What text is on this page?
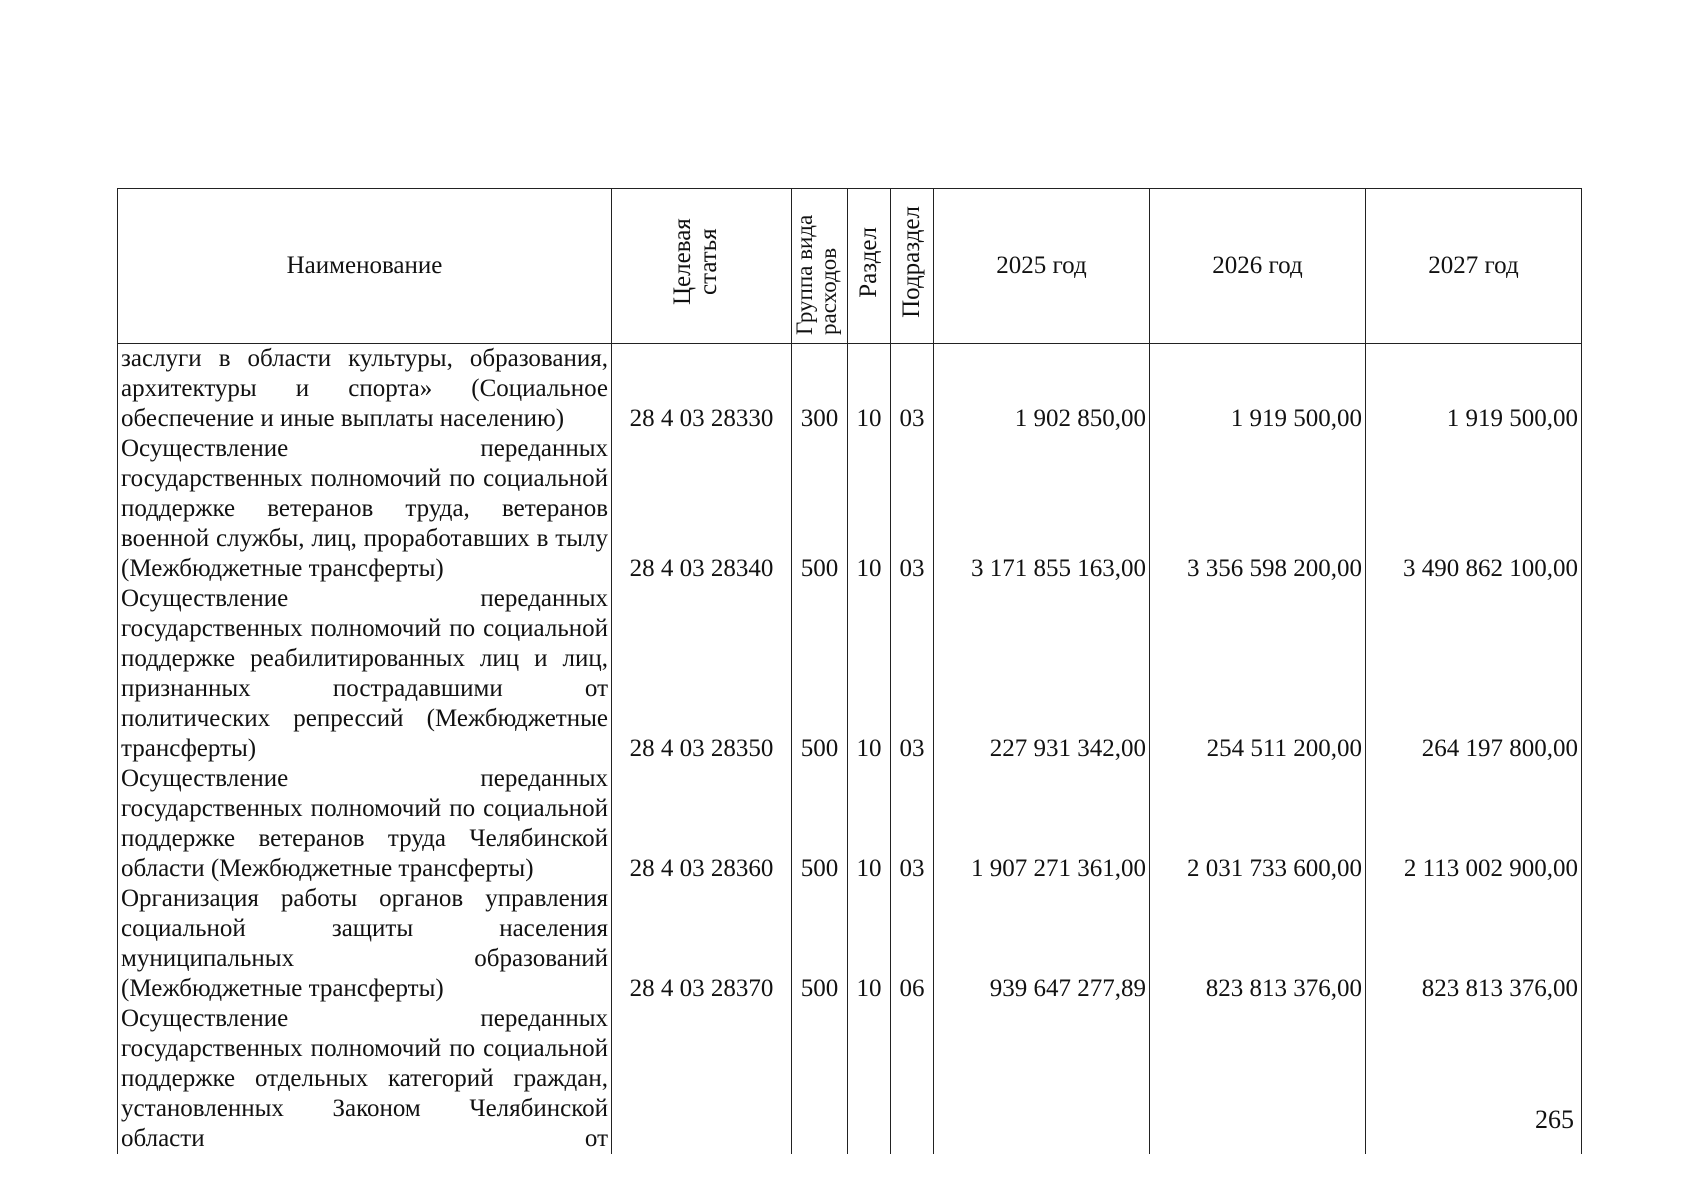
Наименование	Целевая статья	Группа вида расходов	Раздел	Подраздел	2025 год	2026 год	2027 год
заслуги в области культуры, образования, архитектуры и спорта» (Социальное обеспечение и иные выплаты населению)	28 4 03 28330	300	10	03	1 902 850,00	1 919 500,00	1 919 500,00
Осуществление переданных государственных полномочий по социальной поддержке ветеранов труда, ветеранов военной службы, лиц, проработавших в тылу (Межбюджетные трансферты)	28 4 03 28340	500	10	03	3 171 855 163,00	3 356 598 200,00	3 490 862 100,00
Осуществление переданных государственных полномочий по социальной поддержке реабилитированных лиц и лиц, признанных пострадавшими от политических репрессий (Межбюджетные трансферты)	28 4 03 28350	500	10	03	227 931 342,00	254 511 200,00	264 197 800,00
Осуществление переданных государственных полномочий по социальной поддержке ветеранов труда Челябинской области (Межбюджетные трансферты)	28 4 03 28360	500	10	03	1 907 271 361,00	2 031 733 600,00	2 113 002 900,00
Организация работы органов управления социальной защиты населения муниципальных образований (Межбюджетные трансферты)	28 4 03 28370	500	10	06	939 647 277,89	823 813 376,00	823 813 376,00
Осуществление переданных государственных полномочий по социальной поддержке отдельных категорий граждан, установленных Законом Челябинской области от							
265
